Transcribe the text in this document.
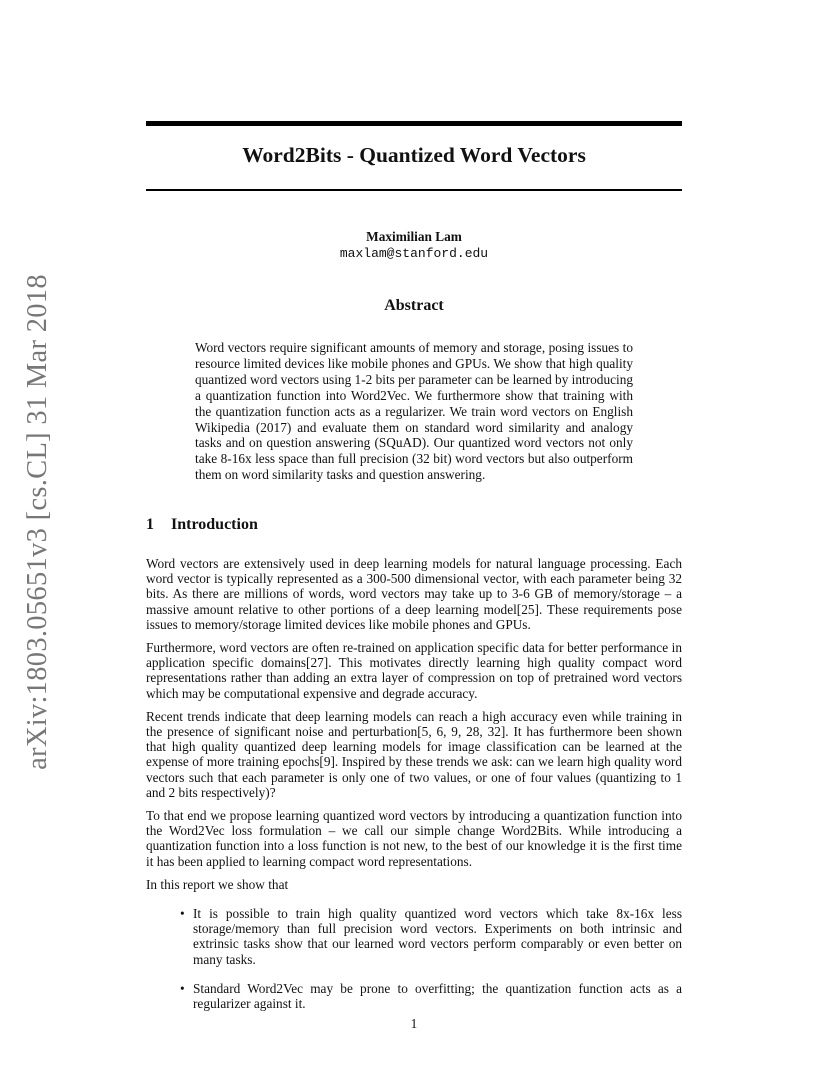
arXiv:1803.05651v3 [cs.CL] 31 Mar 2018
Word2Bits - Quantized Word Vectors
Maximilian Lam
maxlam@stanford.edu
Abstract

Word vectors require significant amounts of memory and storage, posing issues to resource limited devices like mobile phones and GPUs. We show that high quality quantized word vectors using 1-2 bits per parameter can be learned by introducing a quantization function into Word2Vec. We furthermore show that training with the quantization function acts as a regularizer. We train word vectors on English Wikipedia (2017) and evaluate them on standard word similarity and analogy tasks and on question answering (SQuAD). Our quantized word vectors not only take 8-16x less space than full precision (32 bit) word vectors but also outperform them on word similarity tasks and question answering.

1 Introduction

Word vectors are extensively used in deep learning models for natural language processing. Each word vector is typically represented as a 300-500 dimensional vector, with each parameter being 32 bits. As there are millions of words, word vectors may take up to 3-6 GB of memory/storage – a massive amount relative to other portions of a deep learning model[25]. These requirements pose issues to memory/storage limited devices like mobile phones and GPUs.

Furthermore, word vectors are often re-trained on application specific data for better performance in application specific domains[27]. This motivates directly learning high quality compact word representations rather than adding an extra layer of compression on top of pretrained word vectors which may be computational expensive and degrade accuracy.

Recent trends indicate that deep learning models can reach a high accuracy even while training in the presence of significant noise and perturbation[5, 6, 9, 28, 32]. It has furthermore been shown that high quality quantized deep learning models for image classification can be learned at the expense of more training epochs[9]. Inspired by these trends we ask: can we learn high quality word vectors such that each parameter is only one of two values, or one of four values (quantizing to 1 and 2 bits respectively)?

To that end we propose learning quantized word vectors by introducing a quantization function into the Word2Vec loss formulation – we call our simple change Word2Bits. While introducing a quantization function into a loss function is not new, to the best of our knowledge it is the first time it has been applied to learning compact word representations.

In this report we show that

• It is possible to train high quality quantized word vectors which take 8x-16x less storage/memory than full precision word vectors. Experiments on both intrinsic and extrinsic tasks show that our learned word vectors perform comparably or even better on many tasks.
• Standard Word2Vec may be prone to overfitting; the quantization function acts as a regularizer against it.
1
